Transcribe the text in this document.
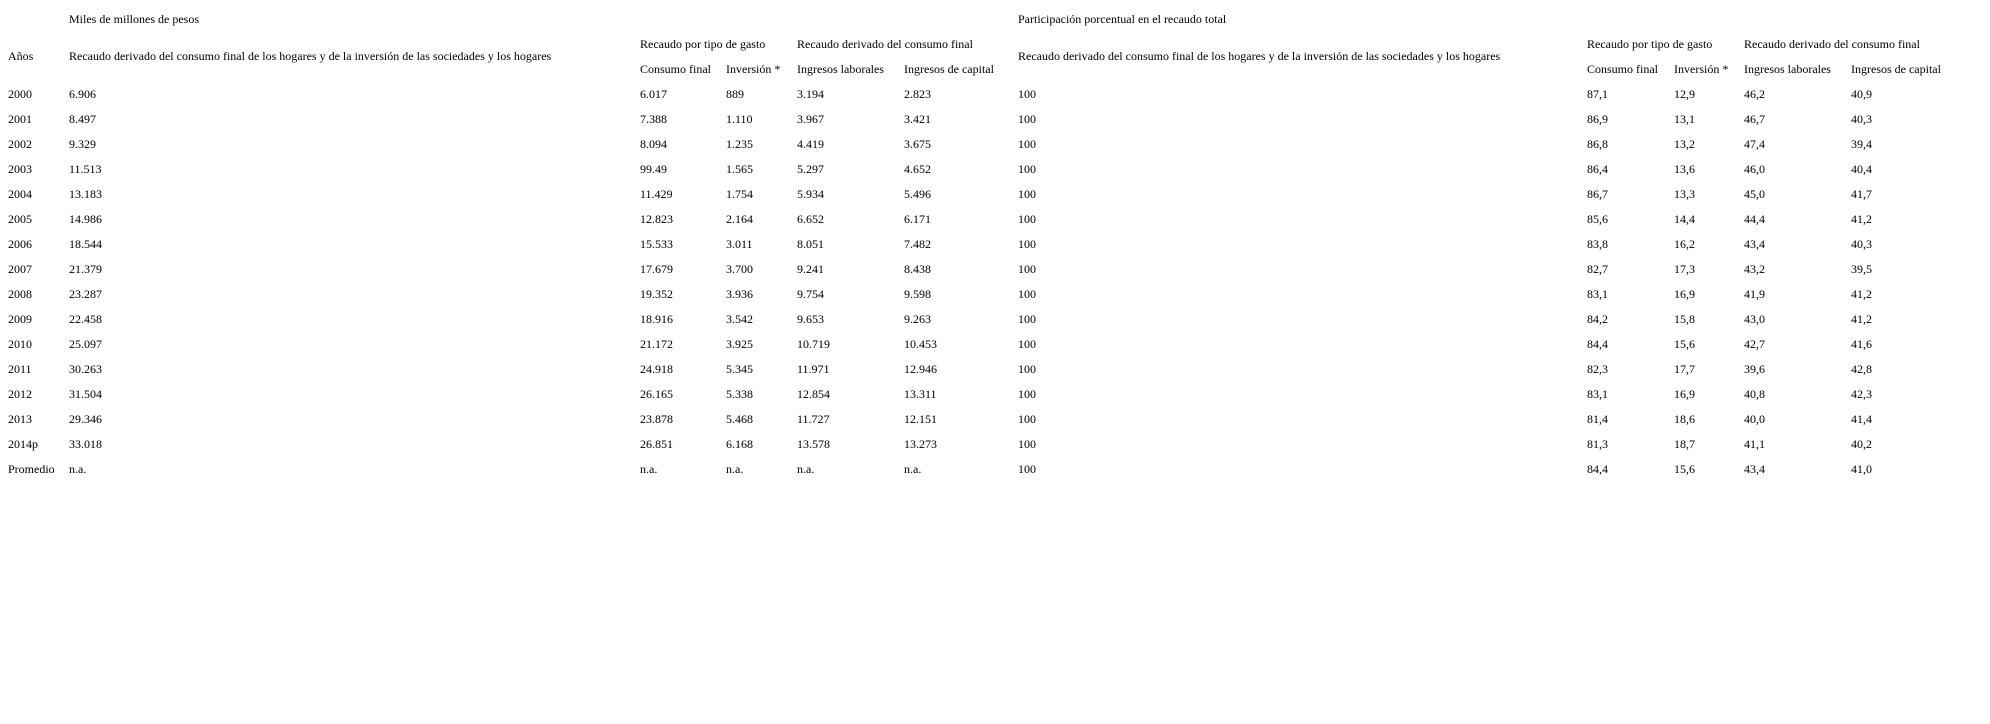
	Miles de millones de pesos					Participación porcentual en el recaudo total				
Años	Recaudo derivado del consumo final de los hogares y de la inversión de las sociedades y los hogares	Recaudo por tipo de gasto		Recaudo derivado del consumo final		Recaudo derivado del consumo final de los hogares y de la inversión de las sociedades y los hogares	Recaudo por tipo de gasto		Recaudo derivado del consumo final	
		Consumo final	Inversión *	Ingresos laborales	Ingresos de capital		Consumo final	Inversión *	Ingresos laborales	Ingresos de capital
2000	6.906	6.017	889	3.194	2.823	100	87,1	12,9	46,2	40,9
2001	8.497	7.388	1.110	3.967	3.421	100	86,9	13,1	46,7	40,3
2002	9.329	8.094	1.235	4.419	3.675	100	86,8	13,2	47,4	39,4
2003	11.513	99.49	1.565	5.297	4.652	100	86,4	13,6	46,0	40,4
2004	13.183	11.429	1.754	5.934	5.496	100	86,7	13,3	45,0	41,7
2005	14.986	12.823	2.164	6.652	6.171	100	85,6	14,4	44,4	41,2
2006	18.544	15.533	3.011	8.051	7.482	100	83,8	16,2	43,4	40,3
2007	21.379	17.679	3.700	9.241	8.438	100	82,7	17,3	43,2	39,5
2008	23.287	19.352	3.936	9.754	9.598	100	83,1	16,9	41,9	41,2
2009	22.458	18.916	3.542	9.653	9.263	100	84,2	15,8	43,0	41,2
2010	25.097	21.172	3.925	10.719	10.453	100	84,4	15,6	42,7	41,6
2011	30.263	24.918	5.345	11.971	12.946	100	82,3	17,7	39,6	42,8
2012	31.504	26.165	5.338	12.854	13.311	100	83,1	16,9	40,8	42,3
2013	29.346	23.878	5.468	11.727	12.151	100	81,4	18,6	40,0	41,4
2014p	33.018	26.851	6.168	13.578	13.273	100	81,3	18,7	41,1	40,2
Promedio	n.a.	n.a.	n.a.	n.a.	n.a.	100	84,4	15,6	43,4	41,0
